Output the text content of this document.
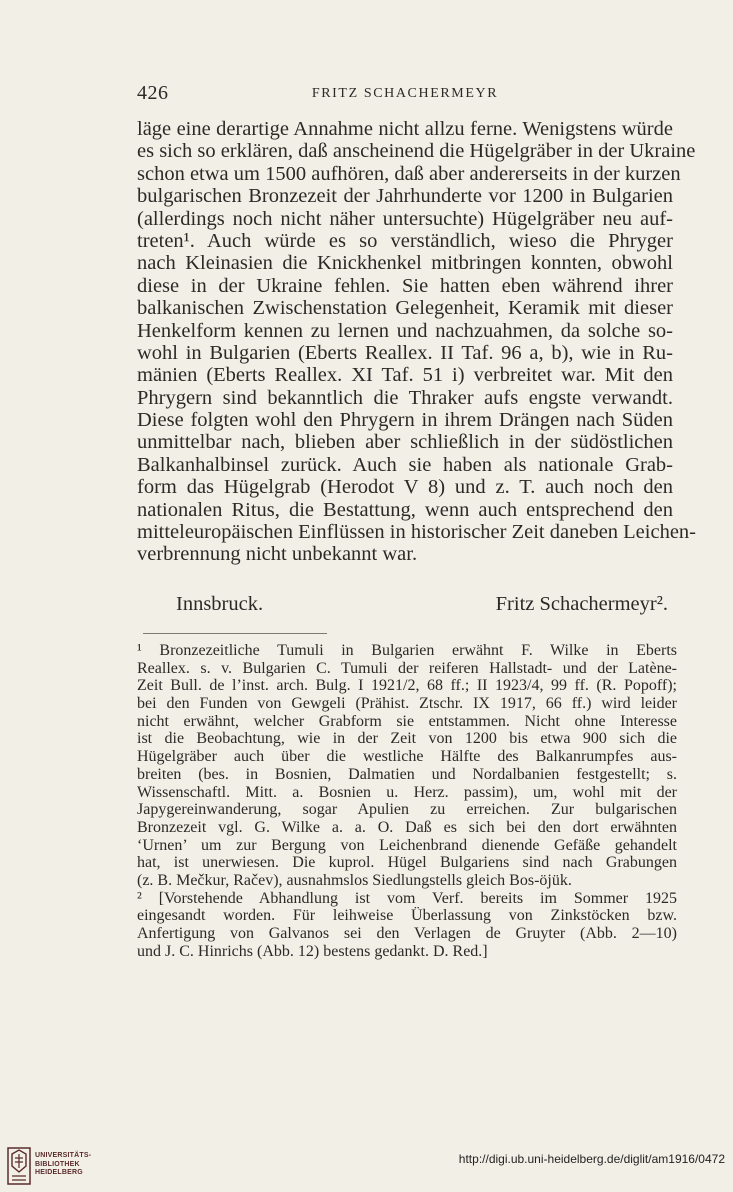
426	FRITZ SCHACHERMEYR
läge eine derartige Annahme nicht allzu ferne. Wenigstens würde
es sich so erklären, daß anscheinend die Hügelgräber in der Ukraine
schon etwa um 1500 aufhören, daß aber andererseits in der kurzen
bulgarischen Bronzezeit der Jahrhunderte vor 1200 in Bulgarien
(allerdings noch nicht näher untersuchte) Hügelgräber neu auf-
treten¹. Auch würde es so verständlich, wieso die Phryger
nach Kleinasien die Knickhenkel mitbringen konnten, obwohl
diese in der Ukraine fehlen. Sie hatten eben während ihrer
balkanischen Zwischenstation Gelegenheit, Keramik mit dieser
Henkelform kennen zu lernen und nachzuahmen, da solche so-
wohl in Bulgarien (Eberts Reallex. II Taf. 96 a, b), wie in Ru-
mänien (Eberts Reallex. XI Taf. 51 i) verbreitet war. Mit den
Phrygern sind bekanntlich die Thraker aufs engste verwandt.
Diese folgten wohl den Phrygern in ihrem Drängen nach Süden
unmittelbar nach, blieben aber schließlich in der südöstlichen
Balkanhalbinsel zurück. Auch sie haben als nationale Grab-
form das Hügelgrab (Herodot V 8) und z. T. auch noch den
nationalen Ritus, die Bestattung, wenn auch entsprechend den
mitteleuropäischen Einflüssen in historischer Zeit daneben Leichen-
verbrennung nicht unbekannt war.
Innsbruck.	Fritz Schachermeyr².
¹ Bronzezeitliche Tumuli in Bulgarien erwähnt F. Wilke in Eberts
Reallex. s. v. Bulgarien C. Tumuli der reiferen Hallstadt- und der Latène-
Zeit Bull. de l’inst. arch. Bulg. I 1921/2, 68 ff.; II 1923/4, 99 ff. (R. Popoff);
bei den Funden von Gewgeli (Prähist. Ztschr. IX 1917, 66 ff.) wird leider
nicht erwähnt, welcher Grabform sie entstammen. Nicht ohne Interesse
ist die Beobachtung, wie in der Zeit von 1200 bis etwa 900 sich die
Hügelgräber auch über die westliche Hälfte des Balkanrumpfes aus-
breiten (bes. in Bosnien, Dalmatien und Nordalbanien festgestellt; s.
Wissenschaftl. Mitt. a. Bosnien u. Herz. passim), um, wohl mit der
Japygereinwanderung, sogar Apulien zu erreichen. Zur bulgarischen
Bronzezeit vgl. G. Wilke a. a. O. Daß es sich bei den dort erwähnten
‘Urnen’ um zur Bergung von Leichenbrand dienende Gefäße gehandelt
hat, ist unerwiesen. Die kuprol. Hügel Bulgariens sind nach Grabungen
(z. B. Mečkur, Račev), ausnahmslos Siedlungstells gleich Bos-öjük.
² [Vorstehende Abhandlung ist vom Verf. bereits im Sommer 1925
eingesandt worden. Für leihweise Überlassung von Zinkstöcken bzw.
Anfertigung von Galvanos sei den Verlagen de Gruyter (Abb. 2—10)
und J. C. Hinrichs (Abb. 12) bestens gedankt. D. Red.]
UNIVERSITÄTS-
BIBLIOTHEK
HEIDELBERG
http://digi.ub.uni-heidelberg.de/diglit/am1916/0472
